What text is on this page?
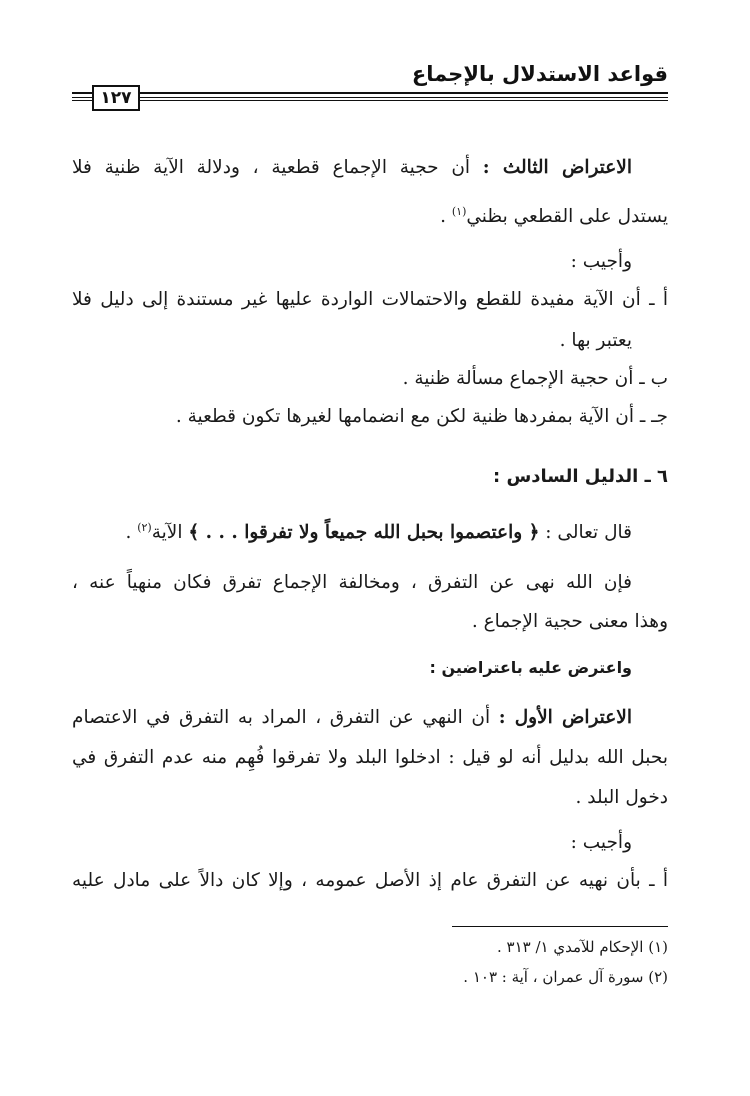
قواعد الاستدلال بالإجماع
١٢٧
الاعتراض الثالث : أن حجية الإجماع قطعية ، ودلالة الآية ظنية فلا
يستدل على القطعي بظني$^{(١)}$ .
وأجيب :
أ ـ أن الآية مفيدة للقطع والاحتمالات الواردة عليها غير مستندة إلى دليل فلا
يعتبر بها .
ب ـ أن حجية الإجماع مسألة ظنية .
جـ ـ أن الآية بمفردها ظنية لكن مع انضمامها لغيرها تكون قطعية .
٦ ـ الدليل السادس :
قال تعالى : ﴿ واعتصموا بحبل الله جميعاً ولا تفرقوا . . . ﴾ الآية$^{(٢)}$ .
فإن الله نهى عن التفرق ، ومخالفة الإجماع تفرق فكان منهياً عنه ،
وهذا معنى حجية الإجماع .
واعترض عليه باعتراضين :
الاعتراض الأول : أن النهي عن التفرق ، المراد به التفرق في الاعتصام
بحبل الله بدليل أنه لو قيل : ادخلوا البلد ولا تفرقوا فُهِم منه عدم التفرق في
دخول البلد .
وأجيب :
أ ـ بأن نهيه عن التفرق عام إذ الأصل عمومه ، وإلا كان دالاً على مادل عليه
(١) الإحكام للآمدي ١/ ٣١٣ .
(٢) سورة آل عمران ، آية : ١٠٣ .
